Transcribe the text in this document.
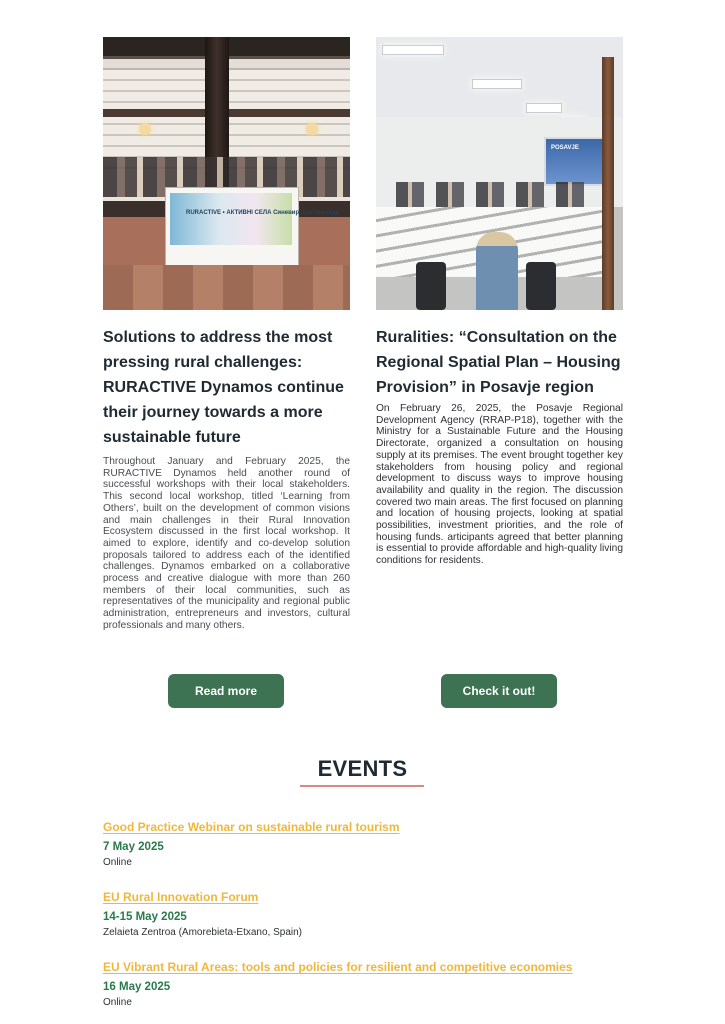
RURACTIVE • АКТИВНІ СЕЛА Синевирська громада
Solutions to address the most pressing rural challenges: RURACTIVE Dynamos continue their journey towards a more sustainable future
Throughout January and February 2025, the RURACTIVE Dynamos held another round of successful workshops with their local stakeholders. This second local workshop, titled ‘Learning from Others’, built on the development of common visions and main challenges in their Rural Innovation Ecosystem discussed in the first local workshop. It aimed to explore, identify and co-develop solution proposals tailored to address each of the identified challenges. Dynamos embarked on a collaborative process and creative dialogue with more than 260 members of their local communities, such as representatives of the municipality and regional public administration, entrepreneurs and investors, cultural professionals and many others.
POSAVJE
Ruralities: “Consultation on the Regional Spatial Plan – Housing Provision” in Posavje region
On February 26, 2025, the Posavje Regional Development Agency (RRAP-P18), together with the Ministry for a Sustainable Future and the Housing Directorate, organized a consultation on housing supply at its premises. The event brought together key stakeholders from housing policy and regional development to discuss ways to improve housing availability and quality in the region. The discussion covered two main areas. The first focused on planning and location of housing projects, looking at spatial possibilities, investment priorities, and the role of housing funds. articipants agreed that better planning is essential to provide affordable and high-quality living conditions for residents.
Read more	Check it out!
EVENTS
Good Practice Webinar on sustainable rural tourism
7 May 2025
Online
EU Rural Innovation Forum
14-15 May 2025
Zelaieta Zentroa (Amorebieta-Etxano, Spain)
EU Vibrant Rural Areas: tools and policies for resilient and competitive economies
16 May 2025
Online
